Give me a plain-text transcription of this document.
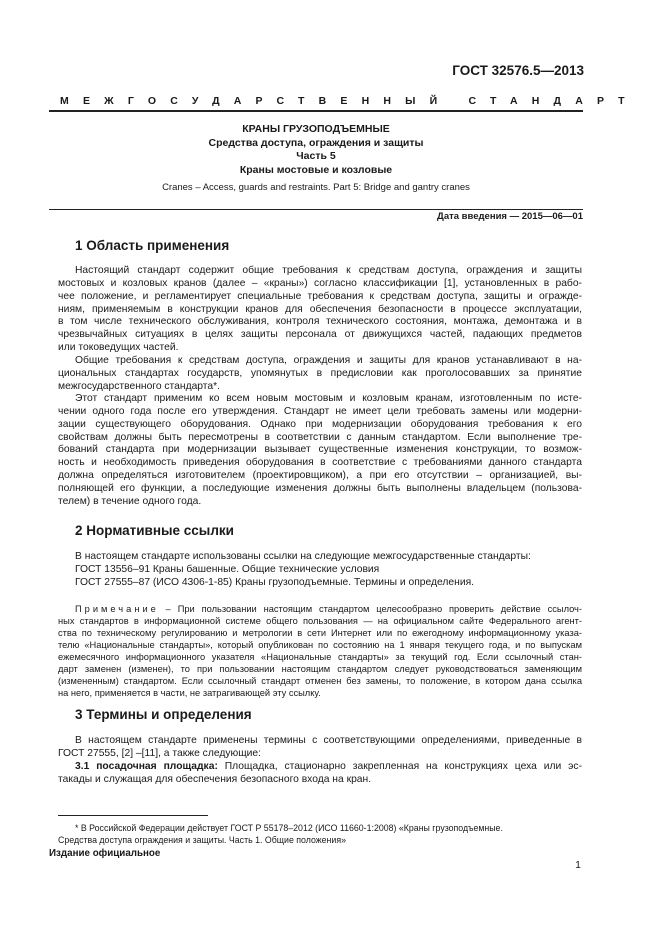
ГОСТ 32576.5—2013
МЕЖГОСУДАРСТВЕННЫЙ СТАНДАРТ
КРАНЫ ГРУЗОПОДЪЕМНЫЕ
Средства доступа, ограждения и защиты
Часть 5
Краны мостовые и козловые
Cranes – Access, guards and restraints. Part 5: Bridge and gantry cranes
Дата введения — 2015—06—01
1 Область применения
Настоящий стандарт содержит общие требования к средствам доступа, ограждения и защиты
мостовых и козловых кранов (далее – «краны») согласно классификации [1], установленных в рабо-
чее положение, и регламентирует специальные требования к средствам доступа, защиты и огражде-
ниям, применяемым в конструкции кранов для обеспечения безопасности в процессе эксплуатации,
в том числе технического обслуживания, контроля технического состояния, монтажа, демонтажа и в
чрезвычайных ситуациях в целях защиты персонала от движущихся частей, падающих предметов
или токоведущих частей.
Общие требования к средствам доступа, ограждения и защиты для кранов устанавливают в на-
циональных стандартах государств, упомянутых в предисловии как проголосовавших за принятие
межгосударственного стандарта*.
Этот стандарт применим ко всем новым мостовым и козловым кранам, изготовленным по исте-
чении одного года после его утверждения. Стандарт не имеет цели требовать замены или модерни-
зации существующего оборудования. Однако при модернизации оборудования требования к его
свойствам должны быть пересмотрены в соответствии с данным стандартом. Если выполнение тре-
бований стандарта при модернизации вызывает существенные изменения конструкции, то возмож-
ность и необходимость приведения оборудования в соответствие с требованиями данного стандарта
должна определяться изготовителем (проектировщиком), а при его отсутствии – организацией, вы-
полняющей его функции, а последующие изменения должны быть выполнены владельцем (пользова-
телем) в течение одного года.
2 Нормативные ссылки
В настоящем стандарте использованы ссылки на следующие межгосударственные стандарты:
ГОСТ 13556–91 Краны башенные. Общие технические условия
ГОСТ 27555–87 (ИСО 4306-1-85) Краны грузоподъемные. Термины и определения.
Примечание – При пользовании настоящим стандартом целесообразно проверить действие ссылоч-
ных стандартов в информационной системе общего пользования — на официальном сайте Федерального агент-
ства по техническому регулированию и метрологии в сети Интернет или по ежегодному информационному указа-
телю «Национальные стандарты», который опубликован по состоянию на 1 января текущего года, и по выпускам
ежемесячного информационного указателя «Национальные стандарты» за текущий год. Если ссылочный стан-
дарт заменен (изменен), то при пользовании настоящим стандартом следует руководствоваться заменяющим
(измененным) стандартом. Если ссылочный стандарт отменен без замены, то положение, в котором дана ссылка
на него, применяется в части, не затрагивающей эту ссылку.
3 Термины и определения
В настоящем стандарте применены термины с соответствующими определениями, приведенные в
ГОСТ 27555, [2] –[11], а также следующие:
3.1 посадочная площадка: Площадка, стационарно закрепленная на конструкциях цеха или эс-
такады и служащая для обеспечения безопасного входа на кран.
* В Российской Федерации действует ГОСТ Р 55178–2012 (ИСО 11660-1:2008) «Краны грузоподъемные.
Средства доступа ограждения и защиты. Часть 1. Общие положения»
Издание официальное
1
